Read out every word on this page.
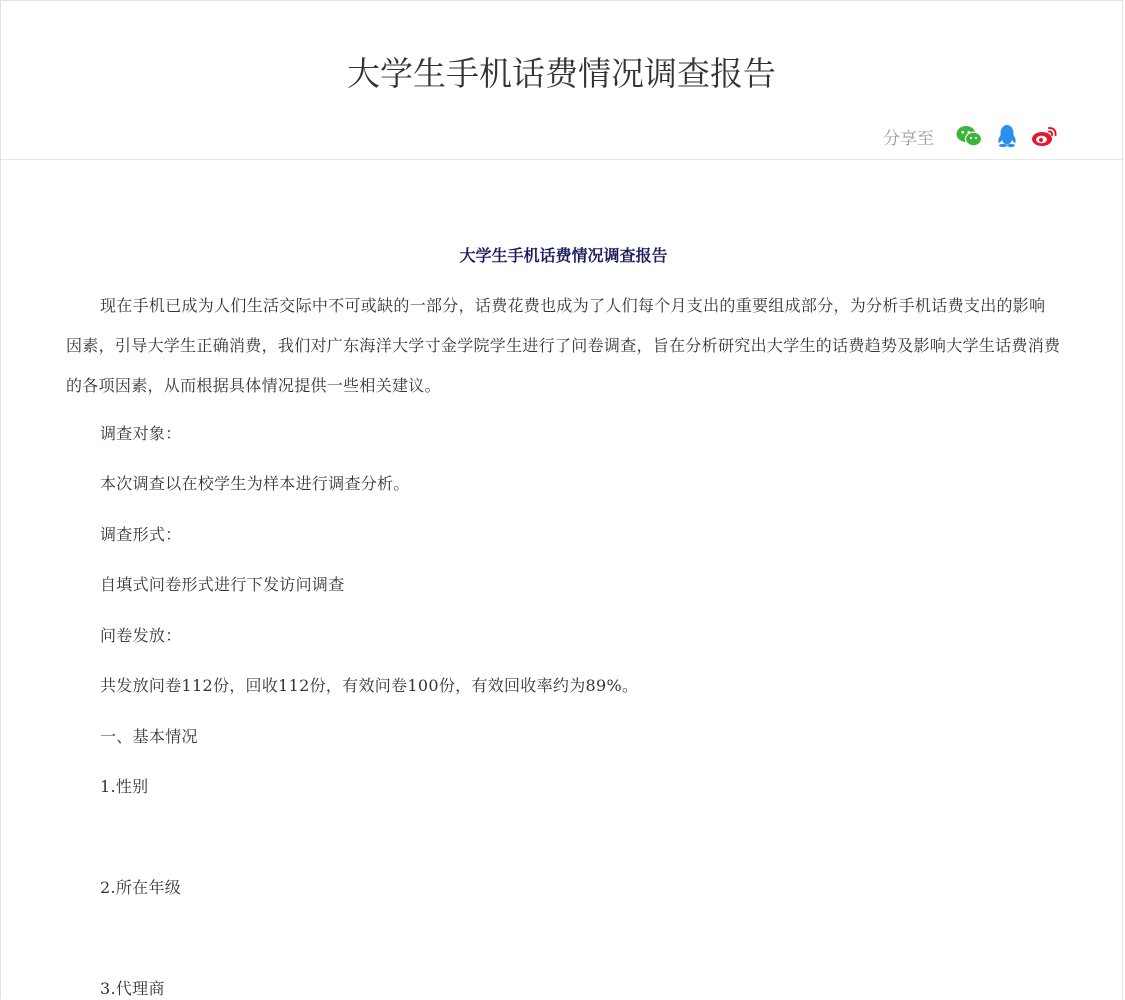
大学生手机话费情况调查报告
分享至
大学生手机话费情况调查报告

现在手机已成为人们生活交际中不可或缺的一部分，话费花费也成为了人们每个月支出的重要组成部分，为分析手机话费支出的影响因素，引导大学生正确消费，我们对广东海洋大学寸金学院学生进行了问卷调查，旨在分析研究出大学生的话费趋势及影响大学生话费消费的各项因素，从而根据具体情况提供一些相关建议。

调查对象：

本次调查以在校学生为样本进行调查分析。

调查形式：

自填式问卷形式进行下发访问调查

问卷发放：

共发放问卷112份，回收112份，有效问卷100份，有效回收率约为89%。

一、基本情况

1.性别

2.所在年级

3.代理商
